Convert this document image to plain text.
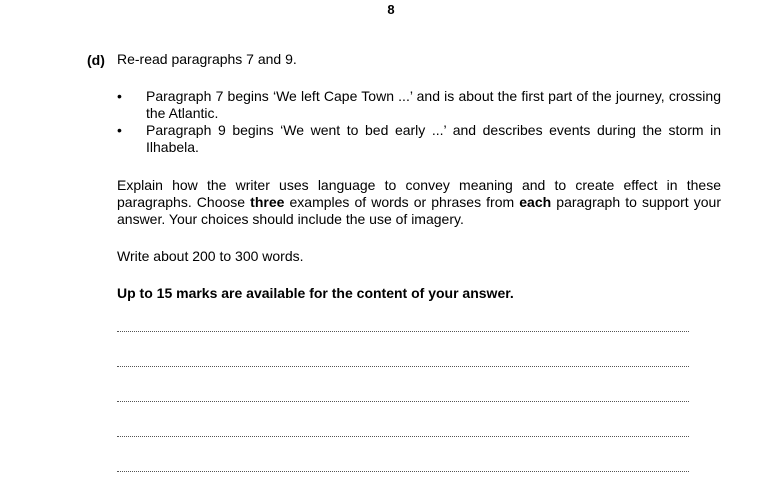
8
(d) Re-read paragraphs 7 and 9.
• Paragraph 7 begins ‘We left Cape Town ...’ and is about the first part of the journey, crossing the Atlantic.
• Paragraph 9 begins ‘We went to bed early ...’ and describes events during the storm in Ilhabela.
Explain how the writer uses language to convey meaning and to create effect in these paragraphs. Choose three examples of words or phrases from each paragraph to support your answer. Your choices should include the use of imagery.
Write about 200 to 300 words.
Up to 15 marks are available for the content of your answer.
